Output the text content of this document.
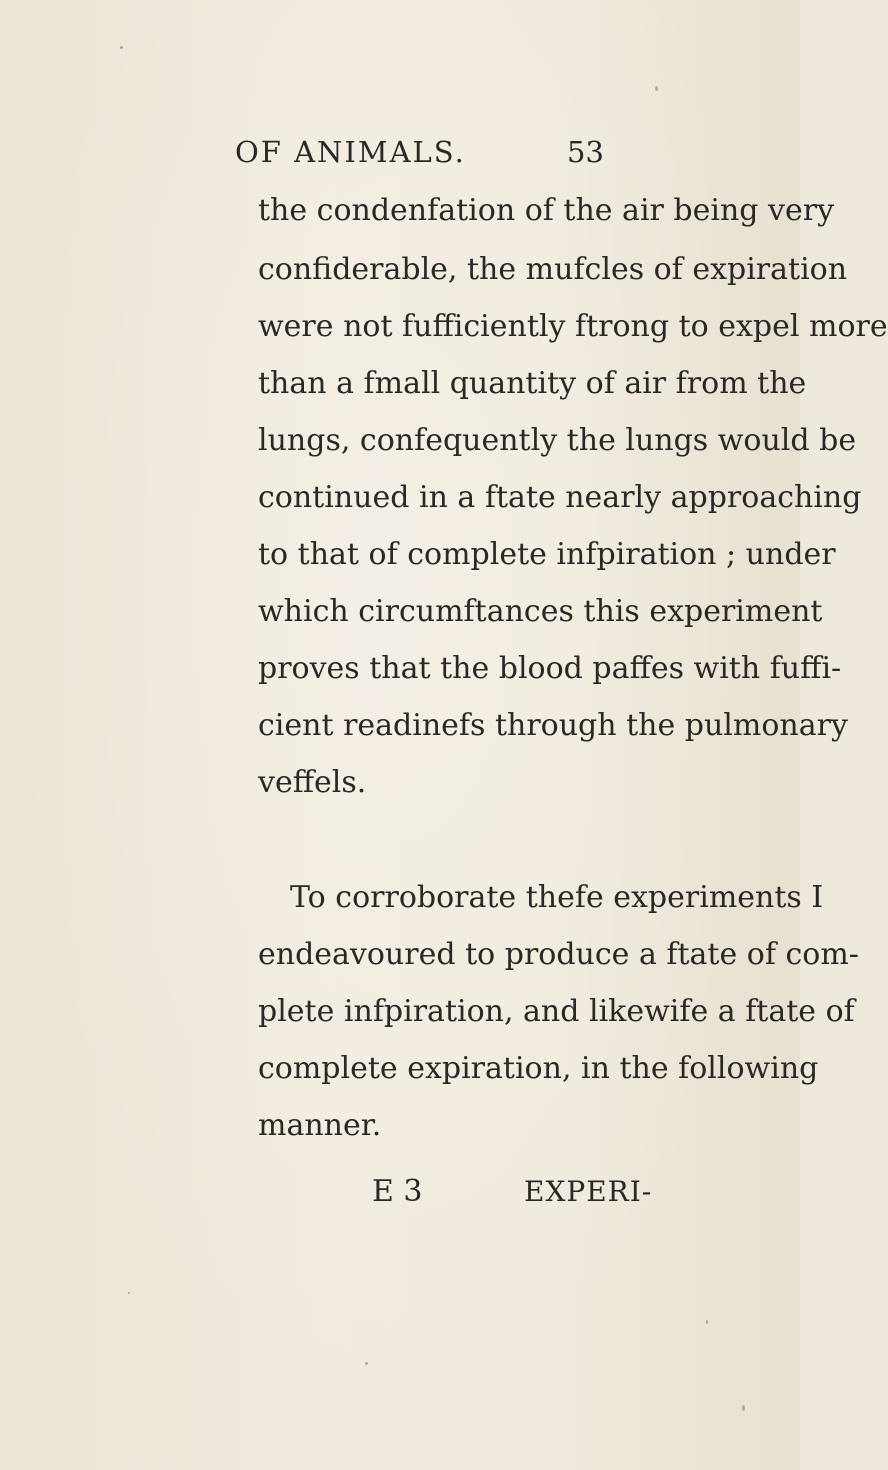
OF ANIMALS.	53
the condenfation of the air being very
confiderable, the mufcles of expiration
were not fufficiently ftrong to expel more
than a fmall quantity of air from the
lungs, confequently the lungs would be
continued in a ftate nearly approaching
to that of complete infpiration ; under
which circumftances this experiment
proves that the blood paffes with fuffi-
cient readinefs through the pulmonary
veffels.
To corroborate thefe experiments I
endeavoured to produce a ftate of com-
plete infpiration, and likewife a ftate of
complete expiration, in the following
manner.
E 3	EXPERI-
